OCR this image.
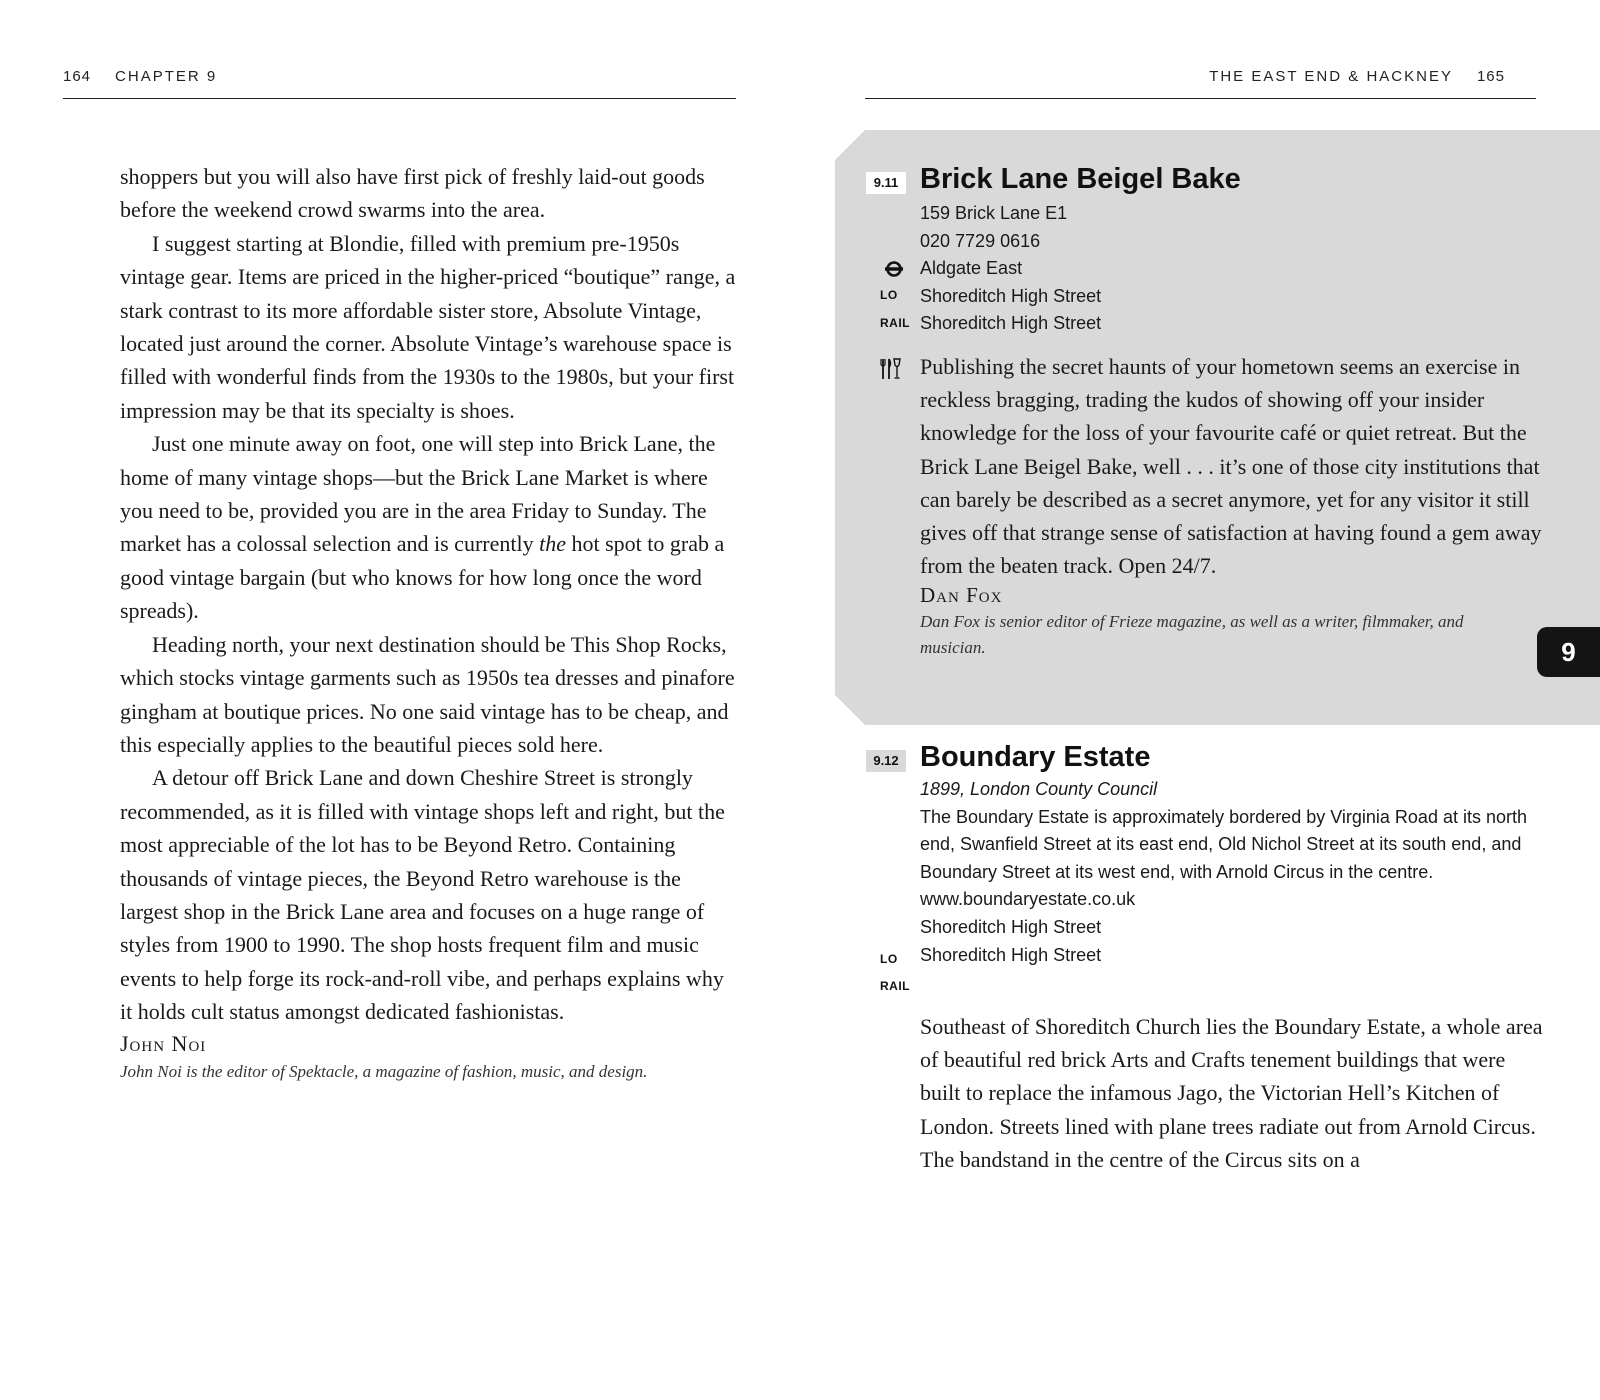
164 CHAPTER 9	THE EAST END & HACKNEY 165

shoppers but you will also have first pick of freshly laid-out goods before the weekend crowd swarms into the area.

I suggest starting at Blondie, filled with premium pre-1950s vintage gear. Items are priced in the higher-priced “boutique” range, a stark contrast to its more affordable sister store, Absolute Vintage, located just around the corner. Absolute Vintage’s warehouse space is filled with wonderful finds from the 1930s to the 1980s, but your first impression may be that its specialty is shoes.

Just one minute away on foot, one will step into Brick Lane, the home of many vintage shops—but the Brick Lane Market is where you need to be, provided you are in the area Friday to Sunday. The market has a colossal selection and is currently the hot spot to grab a good vintage bargain (but who knows for how long once the word spreads).

Heading north, your next destination should be This Shop Rocks, which stocks vintage garments such as 1950s tea dresses and pinafore gingham at boutique prices. No one said vintage has to be cheap, and this especially applies to the beautiful pieces sold here.

A detour off Brick Lane and down Cheshire Street is strongly recommended, as it is filled with vintage shops left and right, but the most appreciable of the lot has to be Beyond Retro. Containing thousands of vintage pieces, the Beyond Retro warehouse is the largest shop in the Brick Lane area and focuses on a huge range of styles from 1900 to 1990. The shop hosts frequent film and music events to help forge its rock-and-roll vibe, and perhaps explains why it holds cult status amongst dedicated fashionistas.

John Noi
John Noi is the editor of Spektacle, a magazine of fashion, music, and design.
9.11 Brick Lane Beigel Bake
159 Brick Lane E1
020 7729 0616
Aldgate East
Shoreditch High Street
Shoreditch High Street
LO
RAIL

Publishing the secret haunts of your hometown seems an exercise in reckless bragging, trading the kudos of showing off your insider knowledge for the loss of your favourite café or quiet retreat. But the Brick Lane Beigel Bake, well . . . it’s one of those city institutions that can barely be described as a secret anymore, yet for any visitor it still gives off that strange sense of satisfaction at having found a gem away from the beaten track. Open 24/7.

Dan Fox
Dan Fox is senior editor of Frieze magazine, as well as a writer, filmmaker, and musician.	9
9.12 Boundary Estate
1899, London County Council
The Boundary Estate is approximately bordered by Virginia Road at its north end, Swanfield Street at its east end, Old Nichol Street at its south end, and Boundary Street at its west end, with Arnold Circus in the centre.
www.boundaryestate.co.uk
Shoreditch High Street
Shoreditch High Street
LO
RAIL

Southeast of Shoreditch Church lies the Boundary Estate, a whole area of beautiful red brick Arts and Crafts tenement buildings that were built to replace the infamous Jago, the Victorian Hell’s Kitchen of London. Streets lined with plane trees radiate out from Arnold Circus. The bandstand in the centre of the Circus sits on a
